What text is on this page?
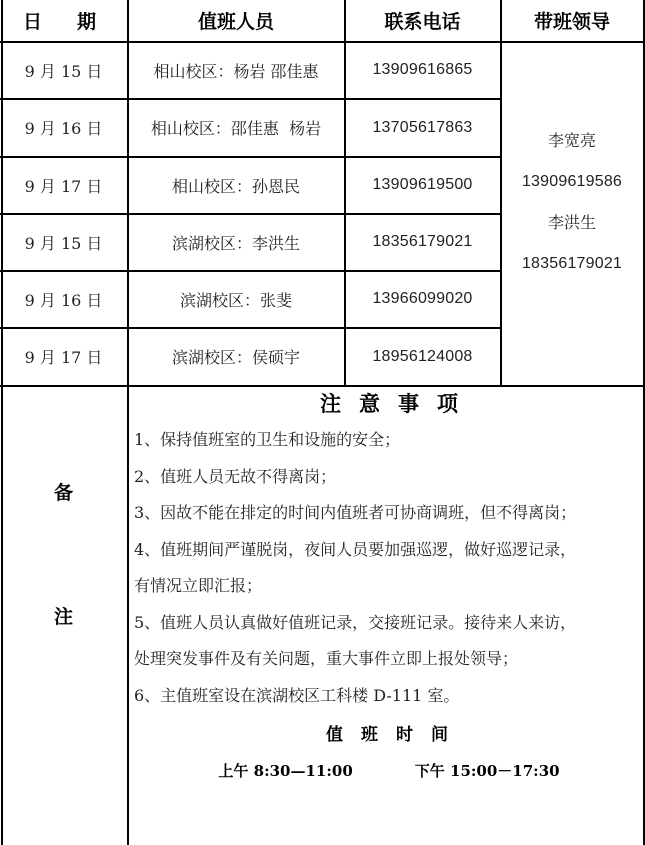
日　期	值班人员	联系电话	带班领导
9 月 15 日	相山校区：杨岩 邵佳惠	13909616865
9 月 16 日	相山校区：邵佳惠  杨岩	13705617863
9 月 17 日	相山校区：孙恩民	13909619500
9 月 15 日	滨湖校区：李洪生	18356179021
9 月 16 日	滨湖校区：张斐	13966099020
9 月 17 日	滨湖校区：侯硕宇	18956124008
李宽亮
13909619586
李洪生
18356179021
备
注
注意事项
1、保持值班室的卫生和设施的安全；
2、值班人员无故不得离岗；
3、因故不能在排定的时间内值班者可协商调班，但不得离岗；
4、值班期间严谨脱岗，夜间人员要加强巡逻，做好巡逻记录，
有情况立即汇报；
5、值班人员认真做好值班记录，交接班记录。接待来人来访，
处理突发事件及有关问题，重大事件立即上报处领导；
6、主值班室设在滨湖校区工科楼 D-111 室。
值班时间
上午 8:30—11:00	下午 15:00－17:30
